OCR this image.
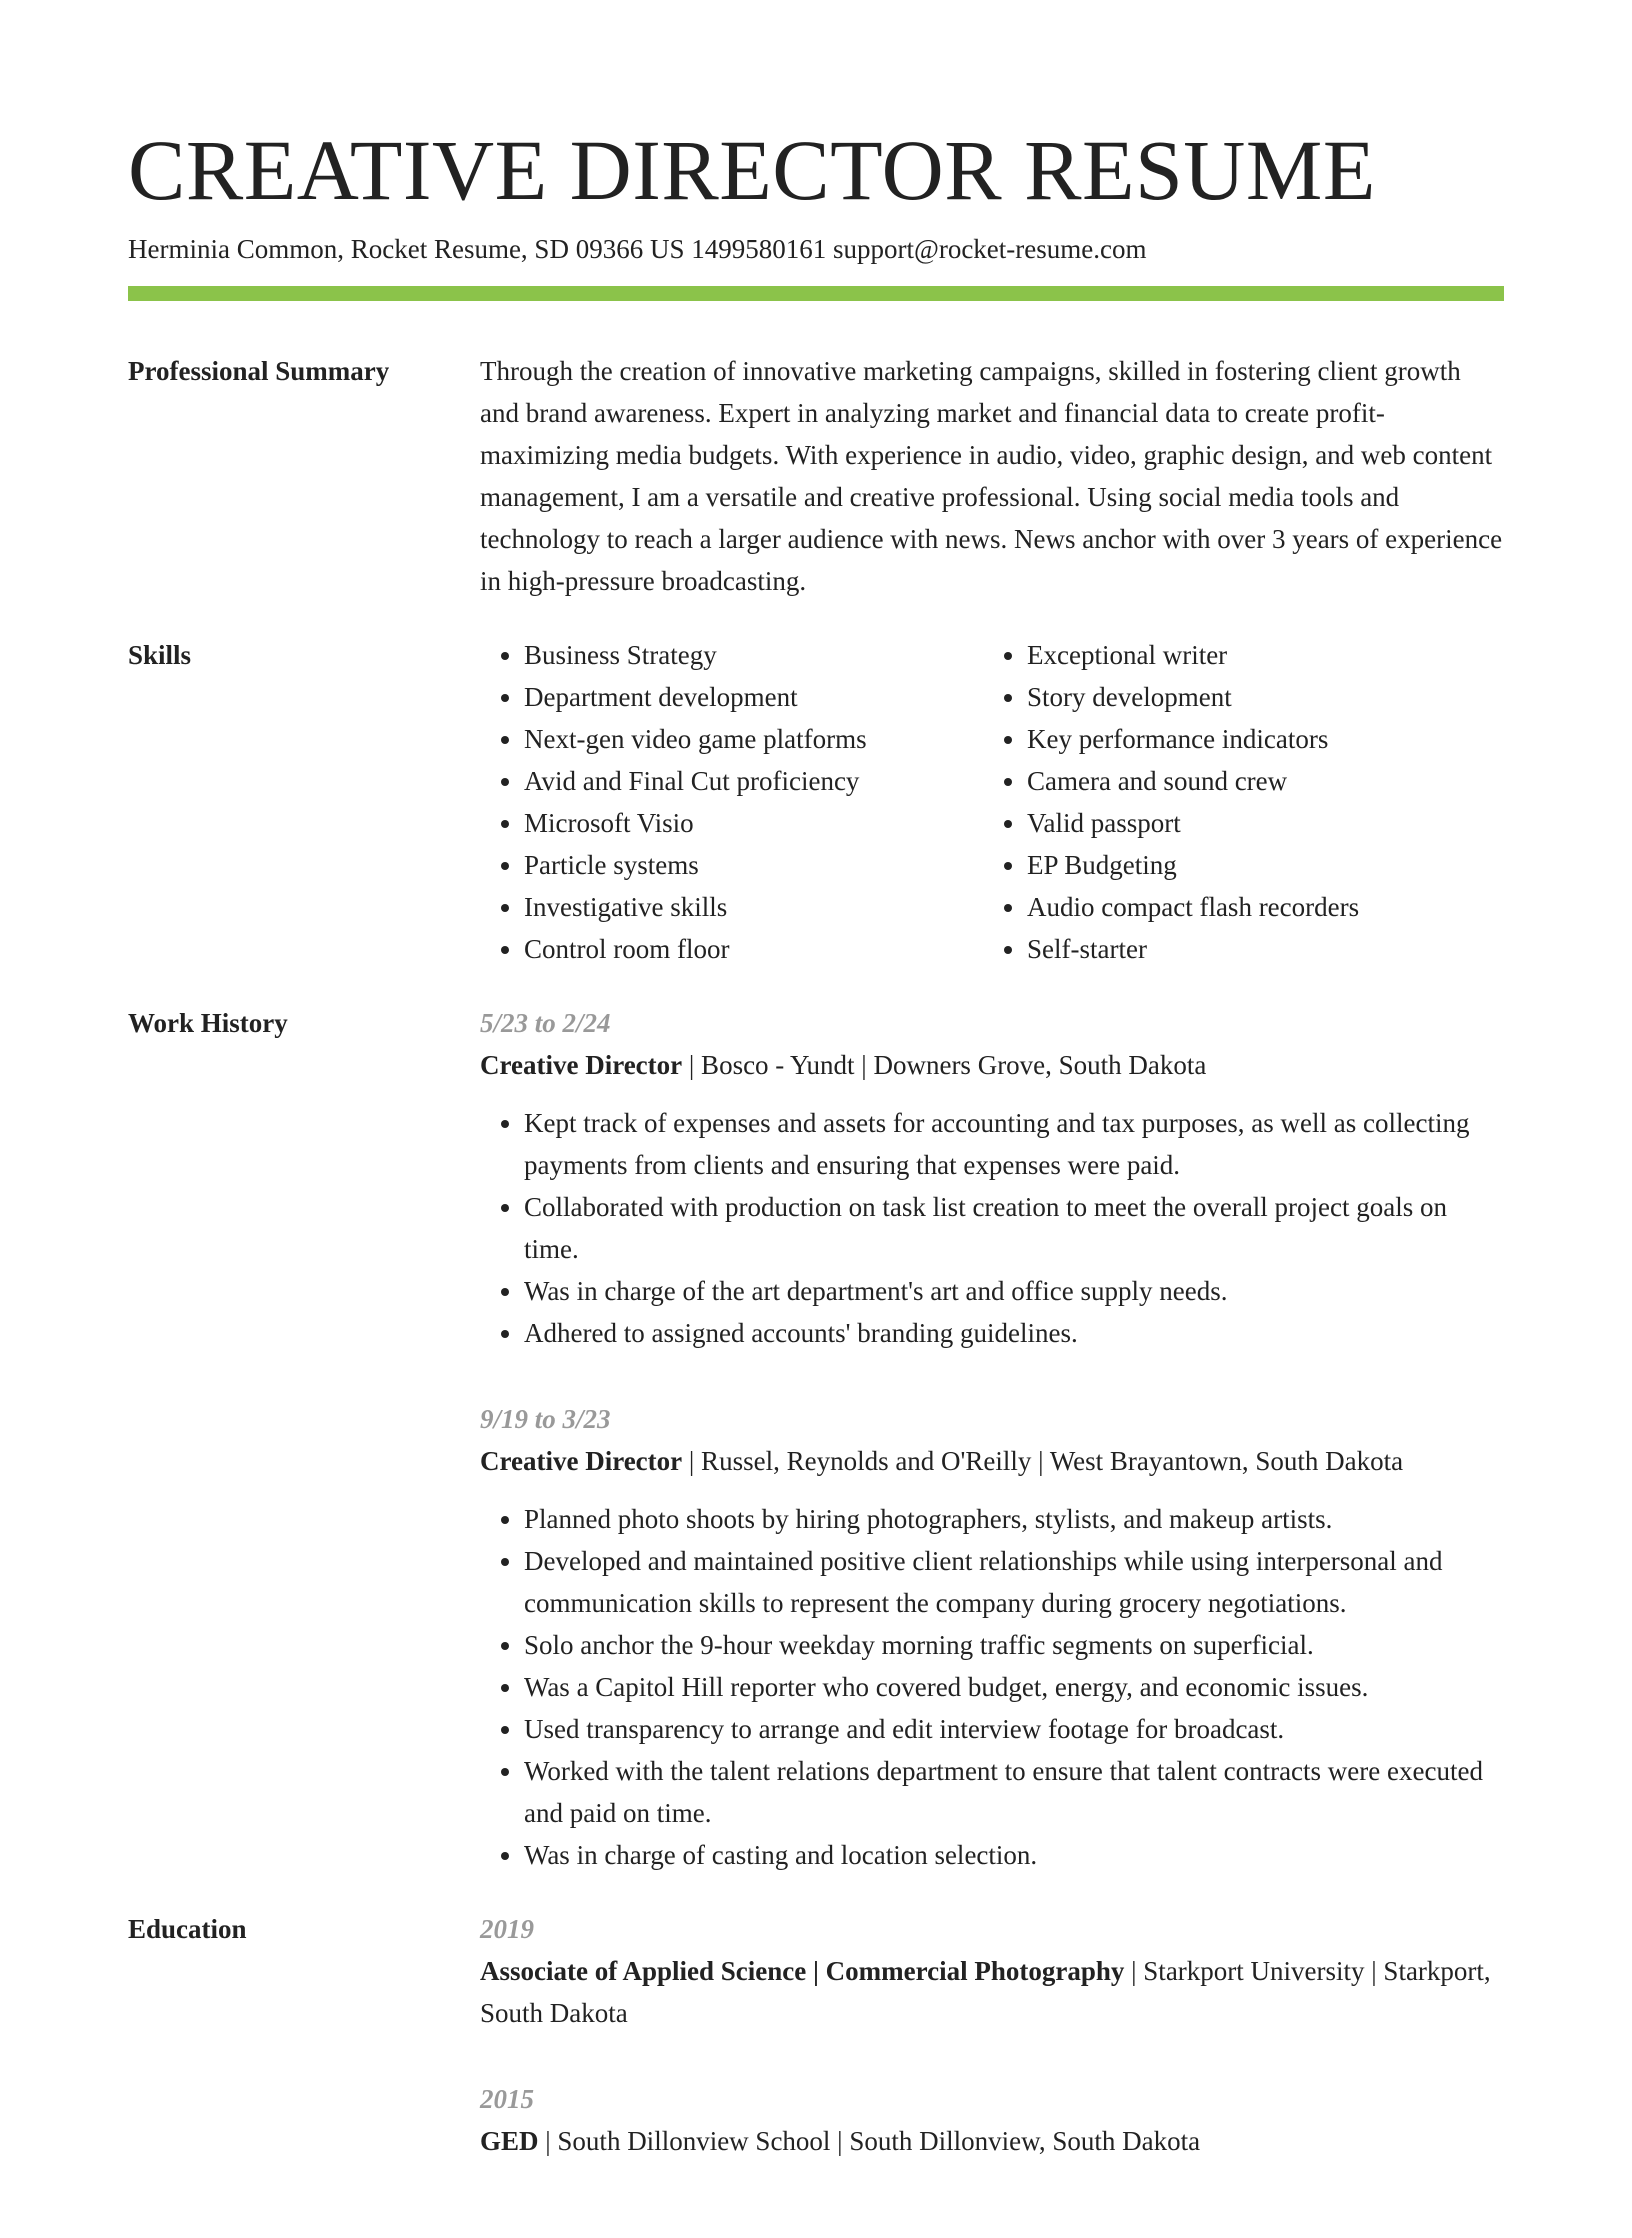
CREATIVE DIRECTOR RESUME
Herminia Common, Rocket Resume, SD 09366 US 1499580161 support@rocket-resume.com
Professional Summary	Through the creation of innovative marketing campaigns, skilled in fostering client growth and brand awareness. Expert in analyzing market and financial data to create profit-maximizing media budgets. With experience in audio, video, graphic design, and web content management, I am a versatile and creative professional. Using social media tools and technology to reach a larger audience with news. News anchor with over 3 years of experience in high-pressure broadcasting.

Skills
•	Business Strategy
• Department development
• Next-gen video game platforms
• Avid and Final Cut proficiency
• Microsoft Visio
• Particle systems
• Investigative skills
• Control room floor
• Exceptional writer
• Story development
• Key performance indicators
• Camera and sound crew
• Valid passport
• EP Budgeting
• Audio compact flash recorders
• Self-starter
Work History	5/23 to 2/24

Creative Director | Bosco - Yundt | Downers Grove, South Dakota

• Kept track of expenses and assets for accounting and tax purposes, as well as collecting payments from clients and ensuring that expenses were paid.
• Collaborated with production on task list creation to meet the overall project goals on time.
• Was in charge of the art department's art and office supply needs.
• Adhered to assigned accounts' branding guidelines.

9/19 to 3/23

Creative Director | Russel, Reynolds and O'Reilly | West Brayantown, South Dakota

• Planned photo shoots by hiring photographers, stylists, and makeup artists.
• Developed and maintained positive client relationships while using interpersonal and communication skills to represent the company during grocery negotiations.
• Solo anchor the 9-hour weekday morning traffic segments on superficial.
• Was a Capitol Hill reporter who covered budget, energy, and economic issues.
• Used transparency to arrange and edit interview footage for broadcast.
• Worked with the talent relations department to ensure that talent contracts were executed and paid on time.
• Was in charge of casting and location selection.
Education	2019

Associate of Applied Science | Commercial Photography | Starkport University | Starkport, South Dakota

2015

GED | South Dillonview School | South Dillonview, South Dakota
